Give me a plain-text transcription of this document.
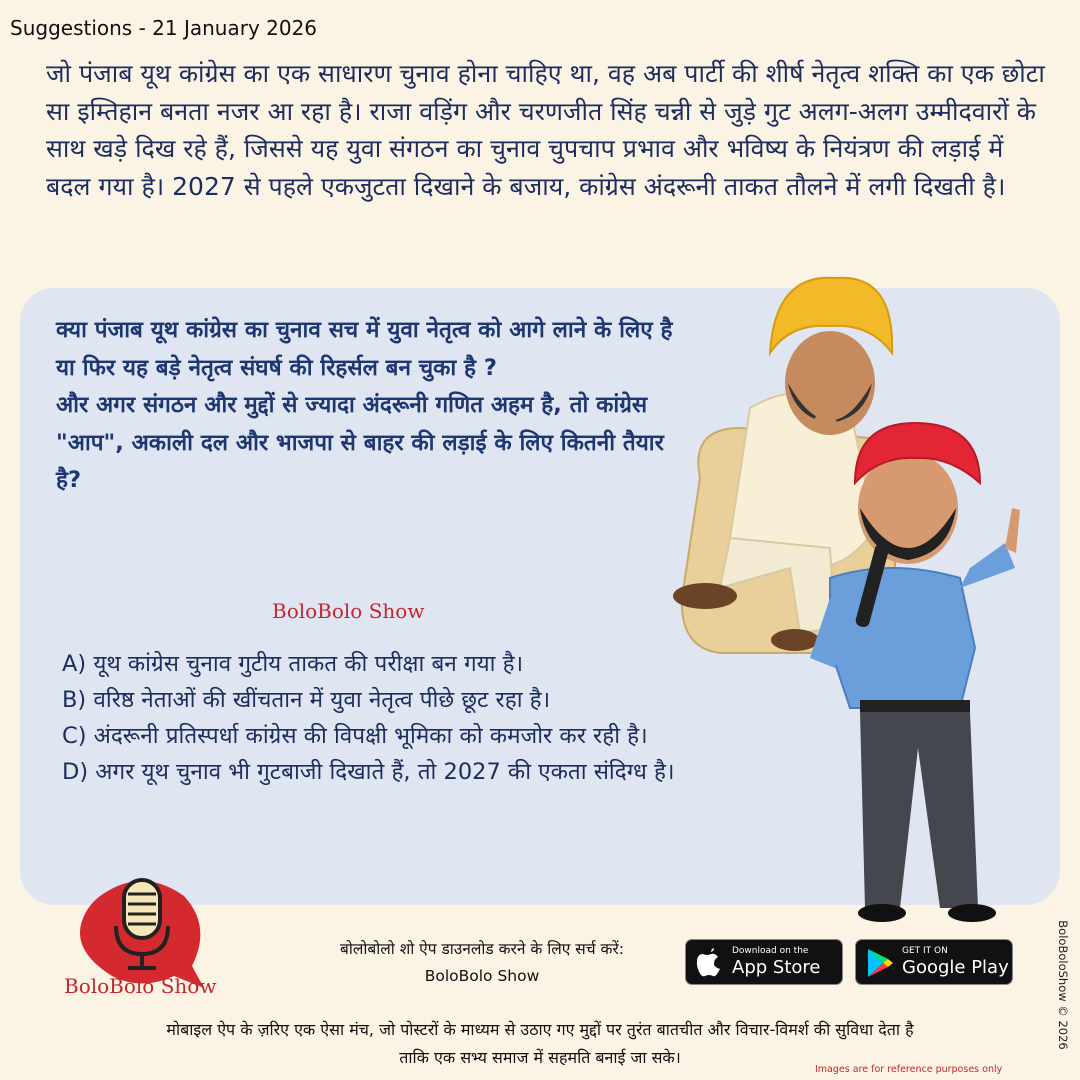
Suggestions - 21 January 2026
जो पंजाब यूथ कांग्रेस का एक साधारण चुनाव होना चाहिए था, वह अब पार्टी की शीर्ष नेतृत्व शक्ति का एक छोटा सा इम्तिहान बनता नजर आ रहा है। राजा वड़िंग और चरणजीत सिंह चन्नी से जुड़े गुट अलग-अलग उम्मीदवारों के साथ खड़े दिख रहे हैं, जिससे यह युवा संगठन का चुनाव चुपचाप प्रभाव और भविष्य के नियंत्रण की लड़ाई में बदल गया है। 2027 से पहले एकजुटता दिखाने के बजाय, कांग्रेस अंदरूनी ताकत तौलने में लगी दिखती है।
क्या पंजाब यूथ कांग्रेस का चुनाव सच में युवा नेतृत्व को आगे लाने के लिए है या फिर यह बड़े नेतृत्व संघर्ष की रिहर्सल बन चुका है ?
और अगर संगठन और मुद्दों से ज्यादा अंदरूनी गणित अहम है, तो कांग्रेस "आप", अकाली दल और भाजपा से बाहर की लड़ाई के लिए कितनी तैयार है?
BoloBolo Show
A) यूथ कांग्रेस चुनाव गुटीय ताकत की परीक्षा बन गया है।
B) वरिष्ठ नेताओं की खींचतान में युवा नेतृत्व पीछे छूट रहा है।
C) अंदरूनी प्रतिस्पर्धा कांग्रेस की विपक्षी भूमिका को कमजोर कर रही है।
D) अगर यूथ चुनाव भी गुटबाजी दिखाते हैं, तो 2027 की एकता संदिग्ध है।
BoloBolo Show
बोलोबोलो शो ऐप डाउनलोड करने के लिए सर्च करें:
BoloBolo Show
Download on the
App Store
GET IT ON
Google Play
मोबाइल ऐप के ज़रिए एक ऐसा मंच, जो पोस्टरों के माध्यम से उठाए गए मुद्दों पर तुरंत बातचीत और विचार-विमर्श की सुविधा देता है
ताकि एक सभ्य समाज में सहमति बनाई जा सके।
Images are for reference purposes only
BoloBoloShow © 2026
